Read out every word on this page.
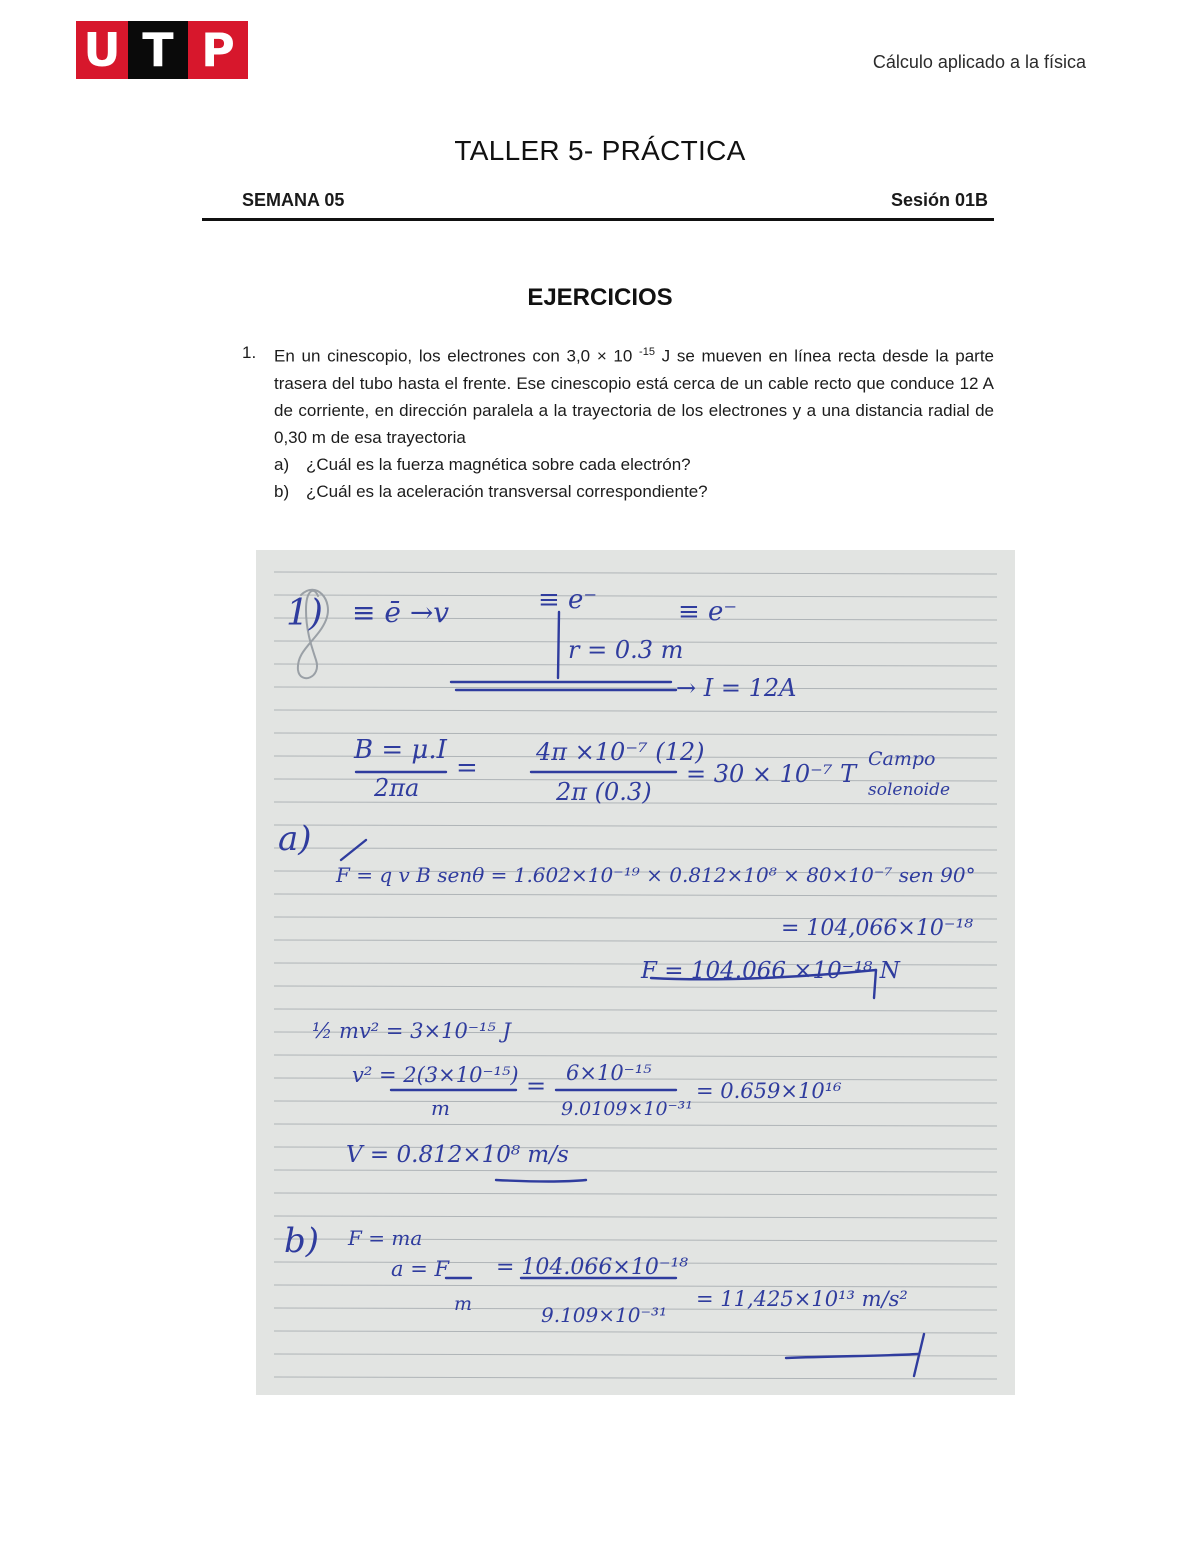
U T P	Cálculo aplicado a la física
TALLER 5- PRÁCTICA
SEMANA 05	Sesión 01B
EJERCICIOS
1. En un cinescopio, los electrones con 3,0 × 10 $^{-15}$ J se mueven en línea recta desde la parte trasera del tubo hasta el frente. Ese cinescopio está cerca de un cable recto que conduce 12 A de corriente, en dirección paralela a la trayectoria de los electrones y a una distancia radial de 0,30 m de esa trayectoria
a) ¿Cuál es la fuerza magnética sobre cada electrón?
b) ¿Cuál es la aceleración transversal correspondiente?
1) ≡ ē →v	≡ e⁻	≡ e⁻
r = 0.3 m
→ I = 12A
B = μ.I
2πa
=
4π ×10⁻⁷ (12)
2π (0.3)
= 30 × 10⁻⁷ T
Campo
solenoide
a)
F = q v B senθ = 1.602×10⁻¹⁹ × 0.812×10⁸ × 80×10⁻⁷ sen 90°
= 104,066×10⁻¹⁸
F = 104.066 ×10⁻¹⁸ N
½ mv² = 3×10⁻¹⁵ J
v² = 2(3×10⁻¹⁵)
m
= 6×10⁻¹⁵
9.0109×10⁻³¹
= 0.659×10¹⁶
V = 0.812×10⁸ m/s
b) F = ma
a = F
m
= 104.066×10⁻¹⁸
9.109×10⁻³¹
= 11,425×10¹³ m/s²
